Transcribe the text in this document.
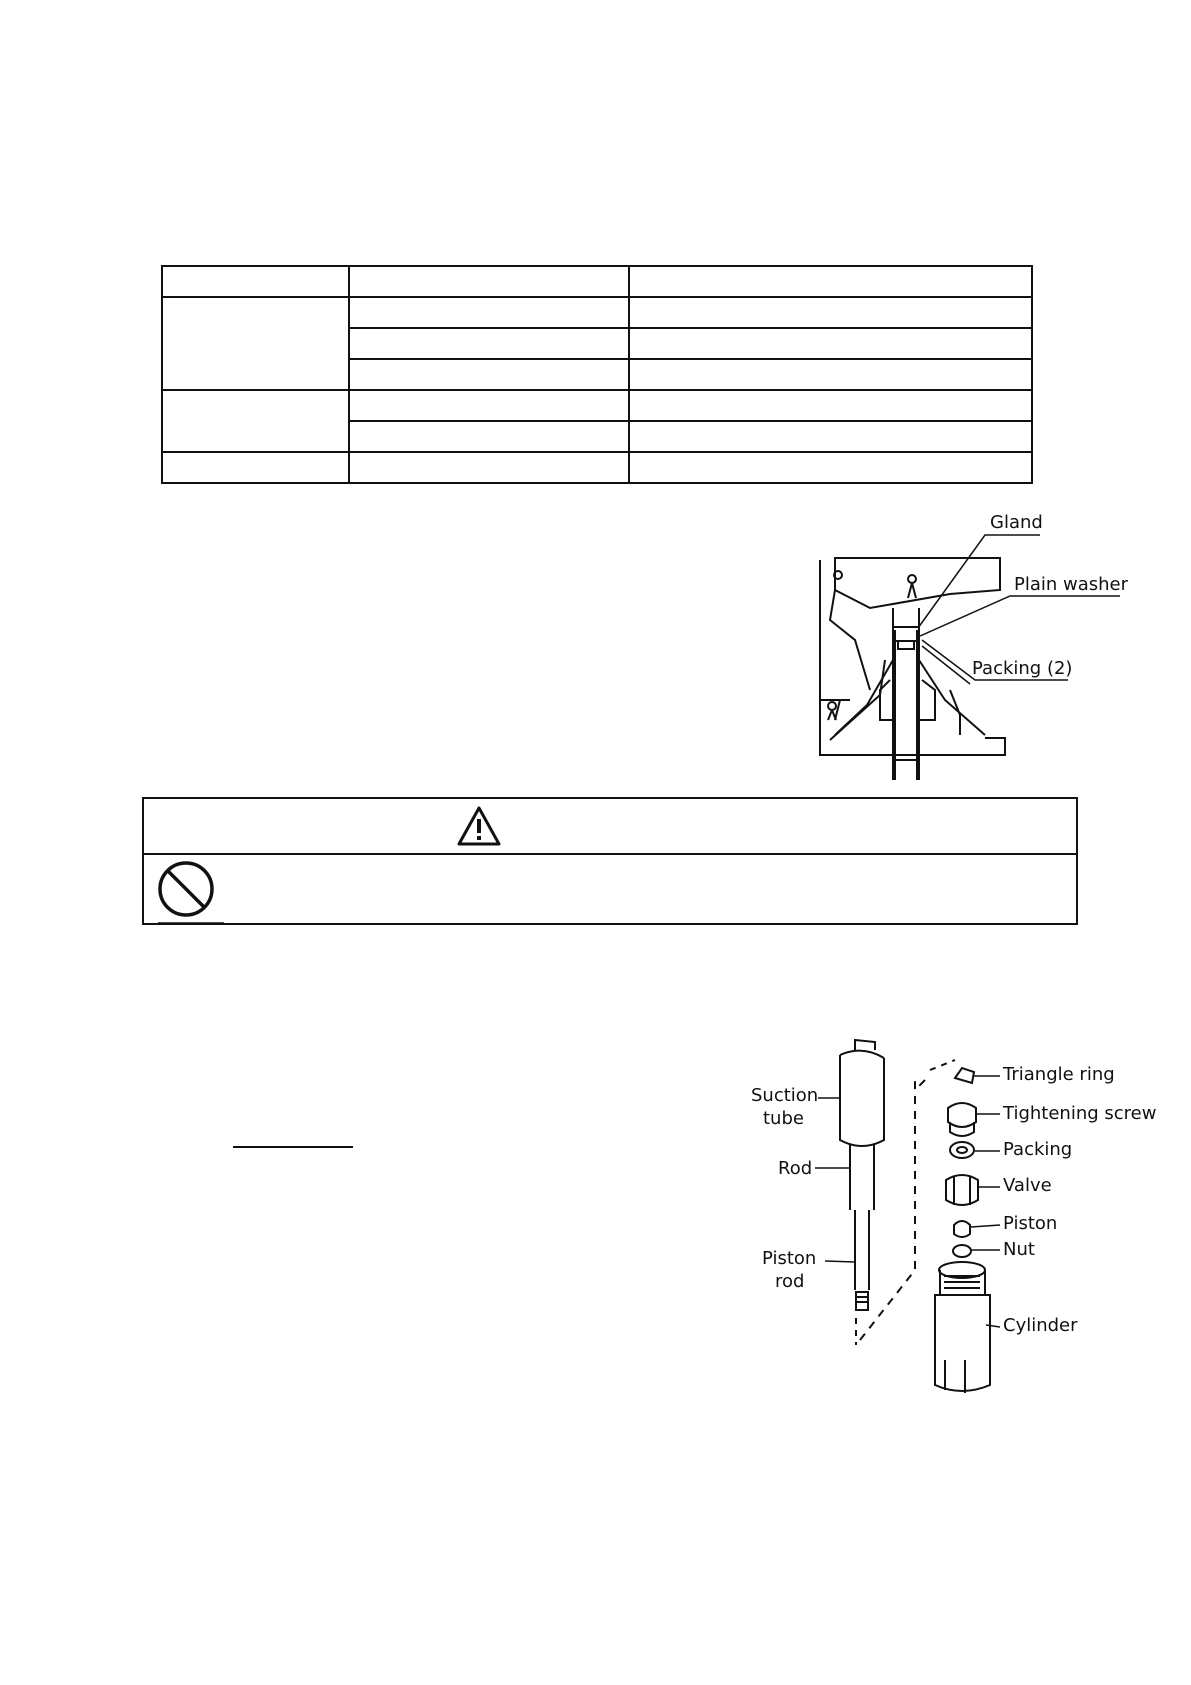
Gland
Plain washer
Packing (2)
Suction
tube
Rod
Piston
rod
Triangle ring
Tightening screw
Packing
Valve
Piston
Nut
Cylinder
